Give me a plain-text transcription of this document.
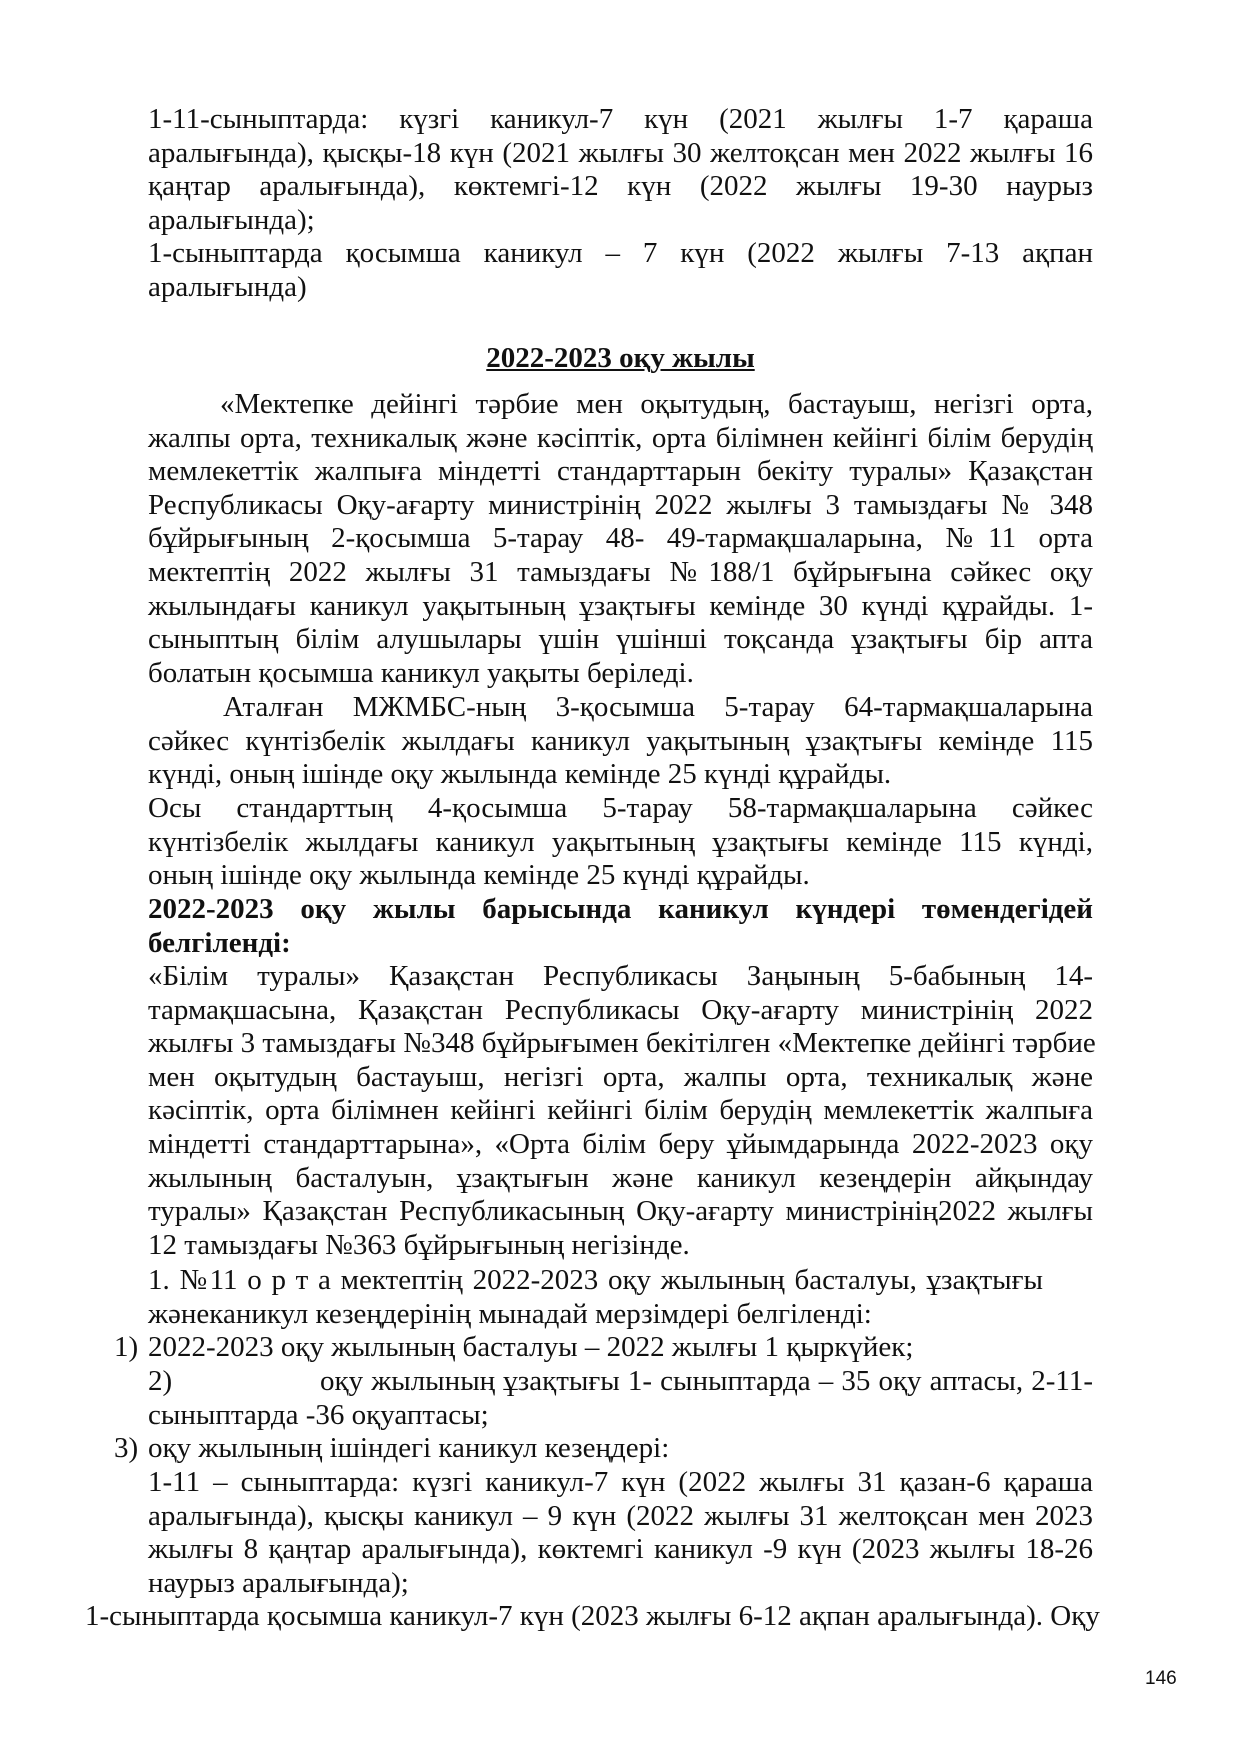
1-11-сыныптарда: күзгі каникул-7 күн (2021 жылғы 1-7 қараша
аралығында), қысқы-18 күн (2021 жылғы 30 желтоқсан мен 2022 жылғы 16
қаңтар аралығында), көктемгі-12 күн (2022 жылғы 19-30 наурыз
аралығында);
1-сыныптарда қосымша каникул – 7 күн (2022 жылғы 7-13 ақпан
аралығында)
2022-2023 оқу жылы
«Мектепке дейінгі тәрбие мен оқытудың, бастауыш, негізгі орта,
жалпы орта, техникалық және кәсіптік, орта білімнен кейінгі білім берудің
мемлекеттік жалпыға міндетті стандарттарын бекіту туралы» Қазақстан
Республикасы Оқу-ағарту министрінің 2022 жылғы 3 тамыздағы № 348
бұйрығының 2-қосымша 5-тарау 48- 49-тармақшаларына, №11 орта
мектептің 2022 жылғы 31 тамыздағы №188/1 бұйрығына сәйкес оқу
жылындағы каникул уақытының ұзақтығы кемінде 30 күнді құрайды. 1-
сыныптың білім алушылары үшін үшінші тоқсанда ұзақтығы бір апта
болатын қосымша каникул уақыты беріледі.
Аталған МЖМБС-ның 3-қосымша 5-тарау 64-тармақшаларына
сәйкес күнтізбелік жылдағы каникул уақытының ұзақтығы кемінде 115
күнді, оның ішінде оқу жылында кемінде 25 күнді құрайды.
Осы стандарттың 4-қосымша 5-тарау 58-тармақшаларына сәйкес
күнтізбелік жылдағы каникул уақытының ұзақтығы кемінде 115 күнді,
оның ішінде оқу жылында кемінде 25 күнді құрайды.
2022-2023 оқу жылы барысында каникул күндері төмендегідей
белгіленді:
«Білім туралы» Қазақстан Республикасы Заңының 5-бабының 14-
тармақшасына, Қазақстан Республикасы Оқу-ағарту министрінің 2022
жылғы 3 тамыздағы №348 бұйрығымен бекітілген «Мектепке дейінгі тәрбие
мен оқытудың бастауыш, негізгі орта, жалпы орта, техникалық және
кәсіптік, орта білімнен кейінгі кейінгі білім берудің мемлекеттік жалпыға
міндетті стандарттарына», «Орта білім беру ұйымдарында 2022-2023 оқу
жылының басталуын, ұзақтығын және каникул кезеңдерін айқындау
туралы» Қазақстан Республикасының Оқу-ағарту министрінің2022 жылғы
12 тамыздағы №363 бұйрығының негізінде.
1. №11 о р т а мектептің 2022-2023 оқу жылының басталуы, ұзақтығы
жәнеканикул кезеңдерінің мынадай мерзімдері белгіленді:
1) 2022-2023 оқу жылының басталуы – 2022 жылғы 1 қыркүйек;
2)	оқу жылының ұзақтығы 1- сыныптарда – 35 оқу аптасы, 2-11-
сыныптарда -36 оқуаптасы;
3) оқу жылының ішіндегі каникул кезеңдері:
1-11 – сыныптарда: күзгі каникул-7 күн (2022 жылғы 31 қазан-6 қараша
аралығында), қысқы каникул – 9 күн (2022 жылғы 31 желтоқсан мен 2023
жылғы 8 қаңтар аралығында), көктемгі каникул -9 күн (2023 жылғы 18-26
наурыз аралығында);
1-сыныптарда қосымша каникул-7 күн (2023 жылғы 6-12 ақпан аралығында). Оқу
146
